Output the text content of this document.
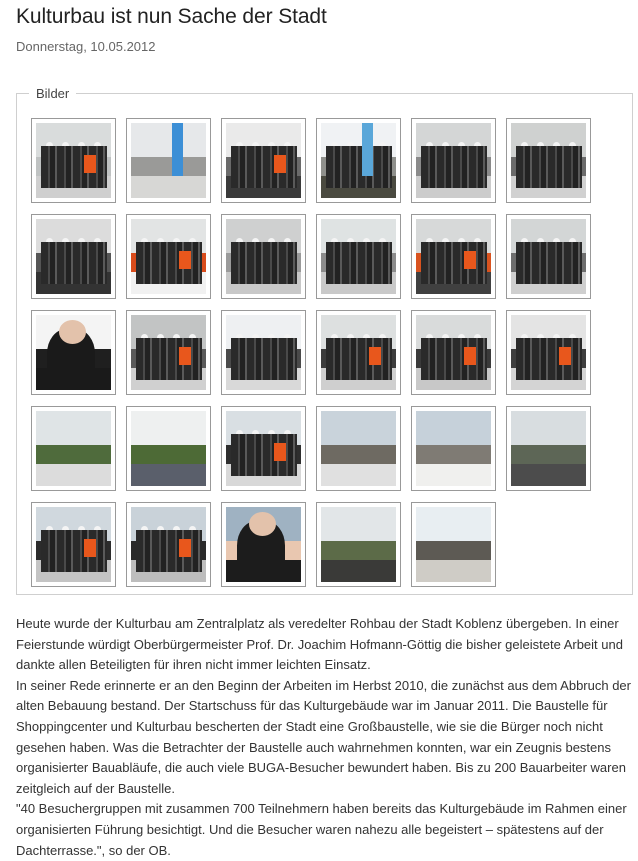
Kulturbau ist nun Sache der Stadt
Donnerstag, 10.05.2012
Bilder

Heute wurde der Kulturbau am Zentralplatz als veredelter Rohbau der Stadt Koblenz übergeben. In einer Feierstunde würdigt Oberbürgermeister Prof. Dr. Joachim Hofmann-Göttig die bisher geleistete Arbeit und dankte allen Beteiligten für ihren nicht immer leichten Einsatz.

In seiner Rede erinnerte er an den Beginn der Arbeiten im Herbst 2010, die zunächst aus dem Abbruch der alten Bebauung bestand. Der Startschuss für das Kulturgebäude war im Januar 2011. Die Baustelle für Shoppingcenter und Kulturbau bescherten der Stadt eine Großbaustelle, wie sie die Bürger noch nicht gesehen haben. Was die Betrachter der Baustelle auch wahrnehmen konnten, war ein Zeugnis bestens organisierter Bauabläufe, die auch viele BUGA-Besucher bewundert haben. Bis zu 200 Bauarbeiter waren zeitgleich auf der Baustelle.

"40 Besuchergruppen mit zusammen 700 Teilnehmern haben bereits das Kulturgebäude im Rahmen einer organisierten Führung besichtigt. Und die Besucher waren nahezu alle begeistert – spätestens auf der Dachterrasse.", so der OB.
